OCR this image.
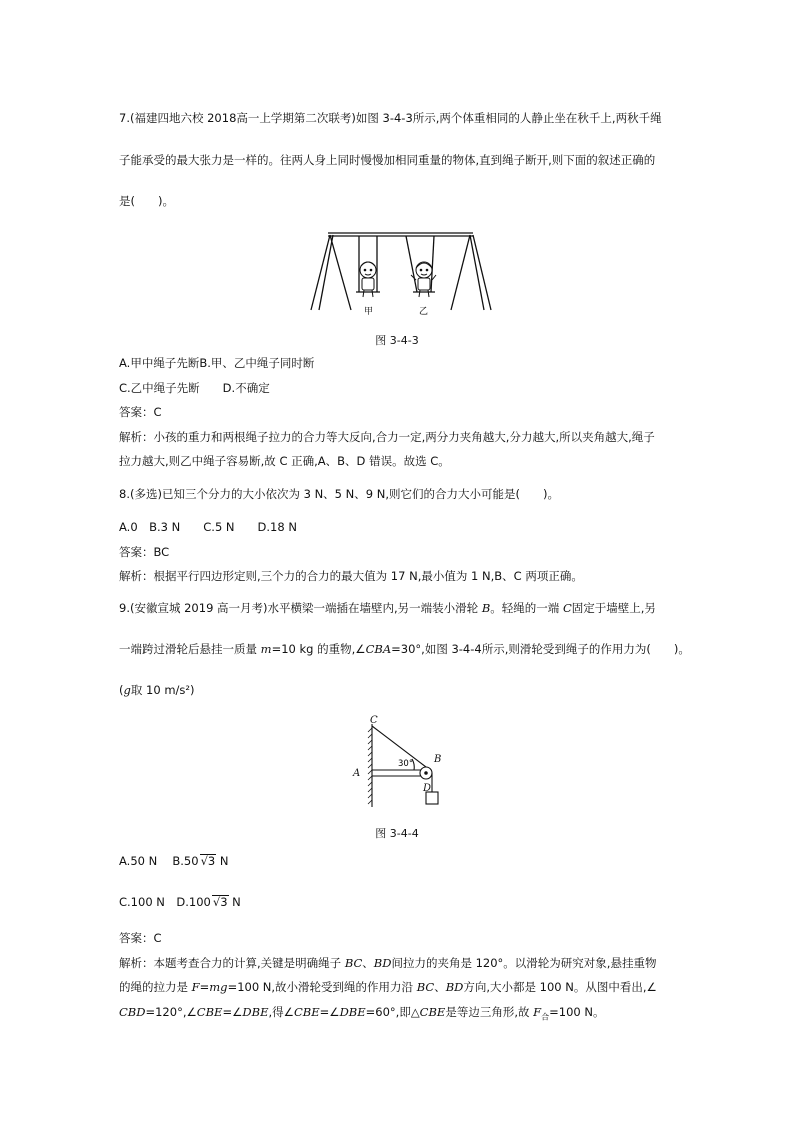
7.(福建四地六校 2018高一上学期第二次联考)如图 3-4-3所示,两个体重相同的人静止坐在秋千上,两秋千绳
子能承受的最大张力是一样的。往两人身上同时慢慢加相同重量的物体,直到绳子断开,则下面的叙述正确的
是(　　)。
甲	乙
图 3-4-3
A.甲中绳子先断B.甲、乙中绳子同时断
C.乙中绳子先断　　D.不确定
答案：C
解析：小孩的重力和两根绳子拉力的合力等大反向,合力一定,两分力夹角越大,分力越大,所以夹角越大,绳子
拉力越大,则乙中绳子容易断,故 C 正确,A、B、D 错误。故选 C。
8.(多选)已知三个分力的大小依次为 3 N、5 N、9 N,则它们的合力大小可能是(　　)。
A.0　B.3 N　　C.5 N　　D.18 N
答案：BC
解析：根据平行四边形定则,三个力的合力的最大值为 17 N,最小值为 1 N,B、C 两项正确。
9.(安徽宣城 2019 高一月考)水平横梁一端插在墙壁内,另一端装小滑轮 B。轻绳的一端 C固定于墙壁上,另
一端跨过滑轮后悬挂一质量 m=10 kg 的重物,∠CBA=30°,如图 3-4-4所示,则滑轮受到绳子的作用力为(　　)。
(g取 10 m/s²)
C
A
B
D
30°
图 3-4-4
A.50 N　 B.50 √3 N
C.100 N　 D.100 √3 N
答案：C
解析：本题考查合力的计算,关键是明确绳子 BC、BD间拉力的夹角是 120°。以滑轮为研究对象,悬挂重物
的绳的拉力是 F=mg=100 N,故小滑轮受到绳的作用力沿 BC、BD方向,大小都是 100 N。从图中看出,∠
CBD=120°,∠CBE=∠DBE,得∠CBE=∠DBE=60°,即△CBE是等边三角形,故 $F_合=100$ N。
